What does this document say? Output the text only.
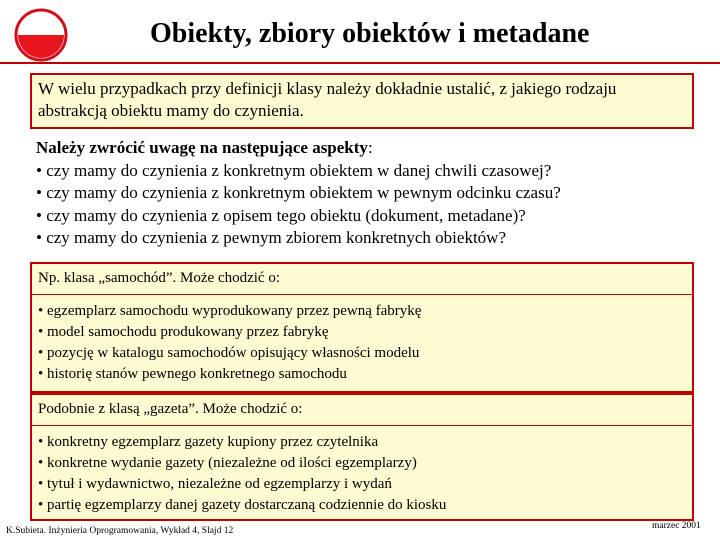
Obiekty, zbiory obiektów i metadane
W wielu przypadkach przy definicji klasy należy dokładnie ustalić, z jakiego rodzaju abstrakcją obiektu mamy do czynienia.
Należy zwrócić uwagę na następujące aspekty:
• czy mamy do czynienia z konkretnym obiektem w danej chwili czasowej?
• czy mamy do czynienia z konkretnym obiektem w pewnym odcinku czasu?
• czy mamy do czynienia z opisem tego obiektu (dokument, metadane)?
• czy mamy do czynienia z pewnym zbiorem konkretnych obiektów?
Np. klasa „samochód”. Może chodzić o:
• egzemplarz samochodu wyprodukowany przez pewną fabrykę
• model samochodu produkowany przez fabrykę
• pozycję w katalogu samochodów opisujący własności modelu
• historię stanów pewnego konkretnego samochodu
Podobnie z klasą „gazeta”. Może chodzić o:
• konkretny egzemplarz gazety kupiony przez czytelnika
• konkretne wydanie gazety (niezależne od ilości egzemplarzy)
• tytuł i wydawnictwo, niezależne od egzemplarzy i wydań
• partię egzemplarzy danej gazety dostarczaną codziennie do kiosku
K.Subieta. Inżynieria Oprogramowania, Wykład 4, Slajd 12	marzec 2001
